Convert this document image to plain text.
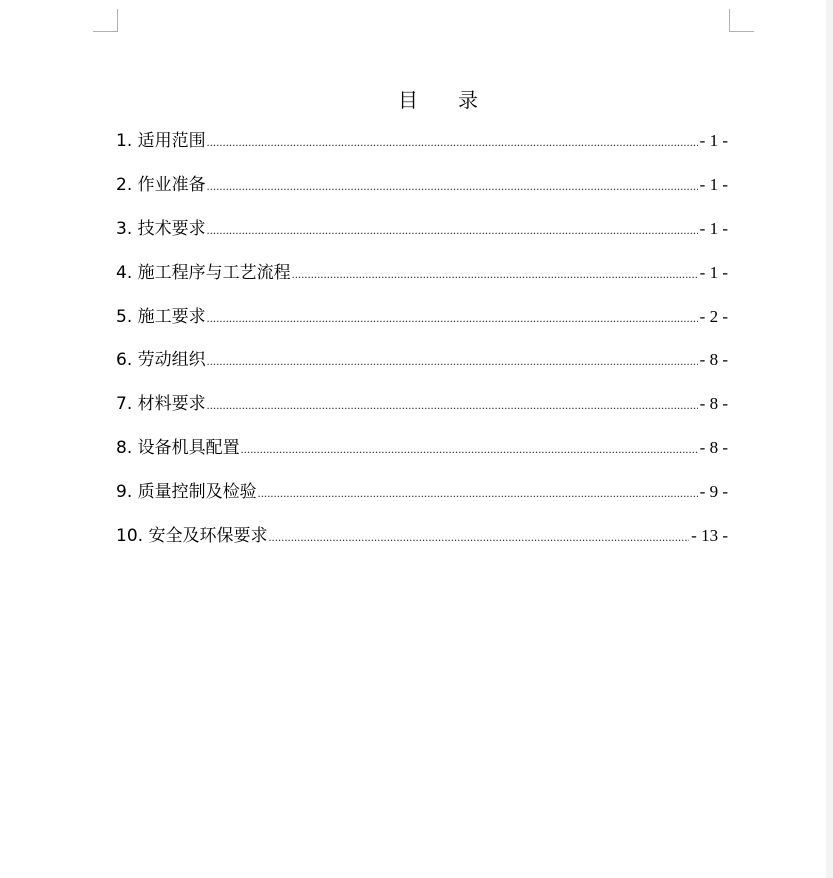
目　　录
1. 适用范围 .....	- 1 -
2. 作业准备 .....	- 1 -
3. 技术要求 .....	- 1 -
4. 施工程序与工艺流程 .....	- 1 -
5. 施工要求 .....	- 2 -
6. 劳动组织 .....	- 8 -
7. 材料要求 .....	- 8 -
8. 设备机具配置 .....	- 8 -
9. 质量控制及检验 .....	- 9 -
10. 安全及环保要求 .....	- 13 -
